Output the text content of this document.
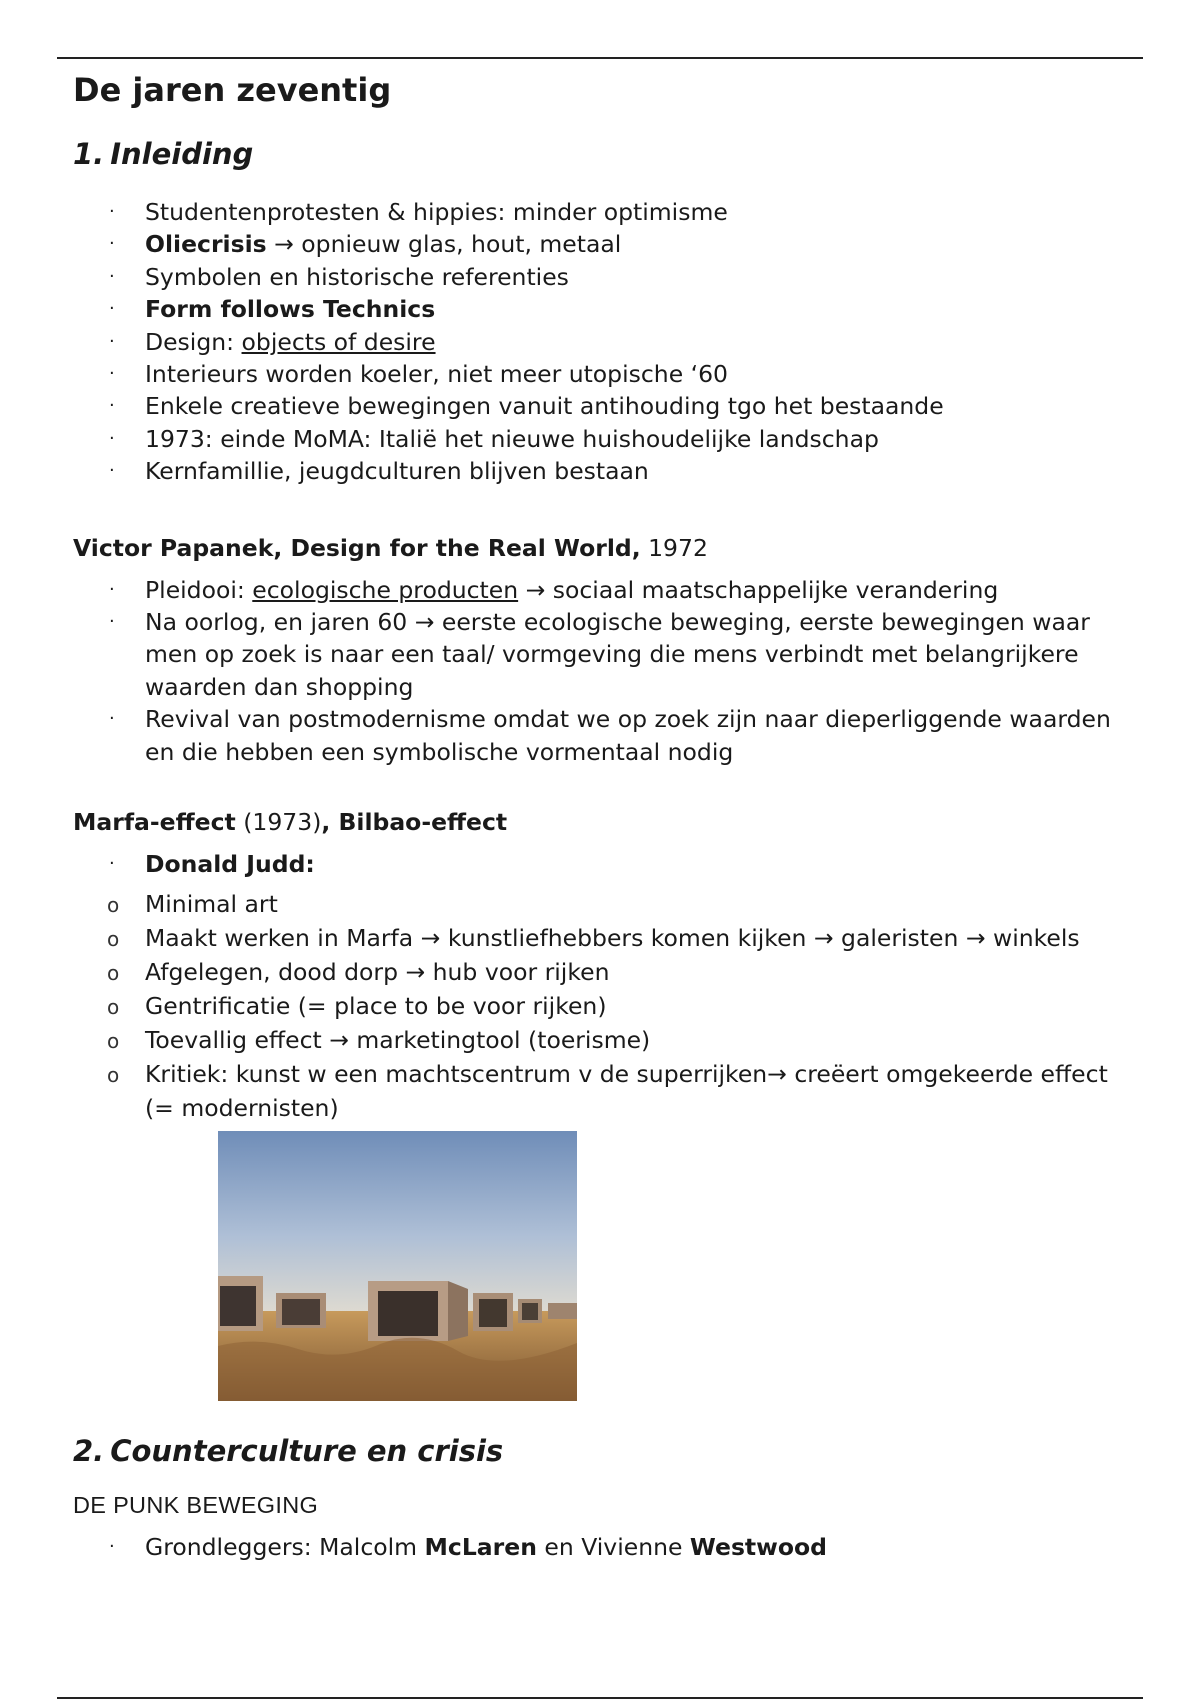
De jaren zeventig
1. Inleiding
· Studentenprotesten & hippies: minder optimisme
· Oliecrisis → opnieuw glas, hout, metaal
· Symbolen en historische referenties
· Form follows Technics
· Design: objects of desire
· Interieurs worden koeler, niet meer utopische ‘60
· Enkele creatieve bewegingen vanuit antihouding tgo het bestaande
· 1973: einde MoMA: Italië het nieuwe huishoudelijke landschap
· Kernfamillie, jeugdculturen blijven bestaan
Victor Papanek, Design for the Real World, 1972
· Pleidooi: ecologische producten → sociaal maatschappelijke verandering
· Na oorlog, en jaren 60 → eerste ecologische beweging, eerste bewegingen waar men op zoek is naar een taal/ vormgeving die mens verbindt met belangrijkere waarden dan shopping
· Revival van postmodernisme omdat we op zoek zijn naar dieperliggende waarden en die hebben een symbolische vormentaal nodig
Marfa-effect (1973), Bilbao-effect
· Donald Judd:
o Minimal art
o Maakt werken in Marfa → kunstliefhebbers komen kijken → galeristen → winkels
o Afgelegen, dood dorp → hub voor rijken
o Gentrificatie (= place to be voor rijken)
o Toevallig effect → marketingtool (toerisme)
o Kritiek: kunst w een machtscentrum v de superrijken→ creëert omgekeerde effect (= modernisten)
2. Counterculture en crisis
DE PUNK BEWEGING
· Grondleggers: Malcolm McLaren en Vivienne Westwood
